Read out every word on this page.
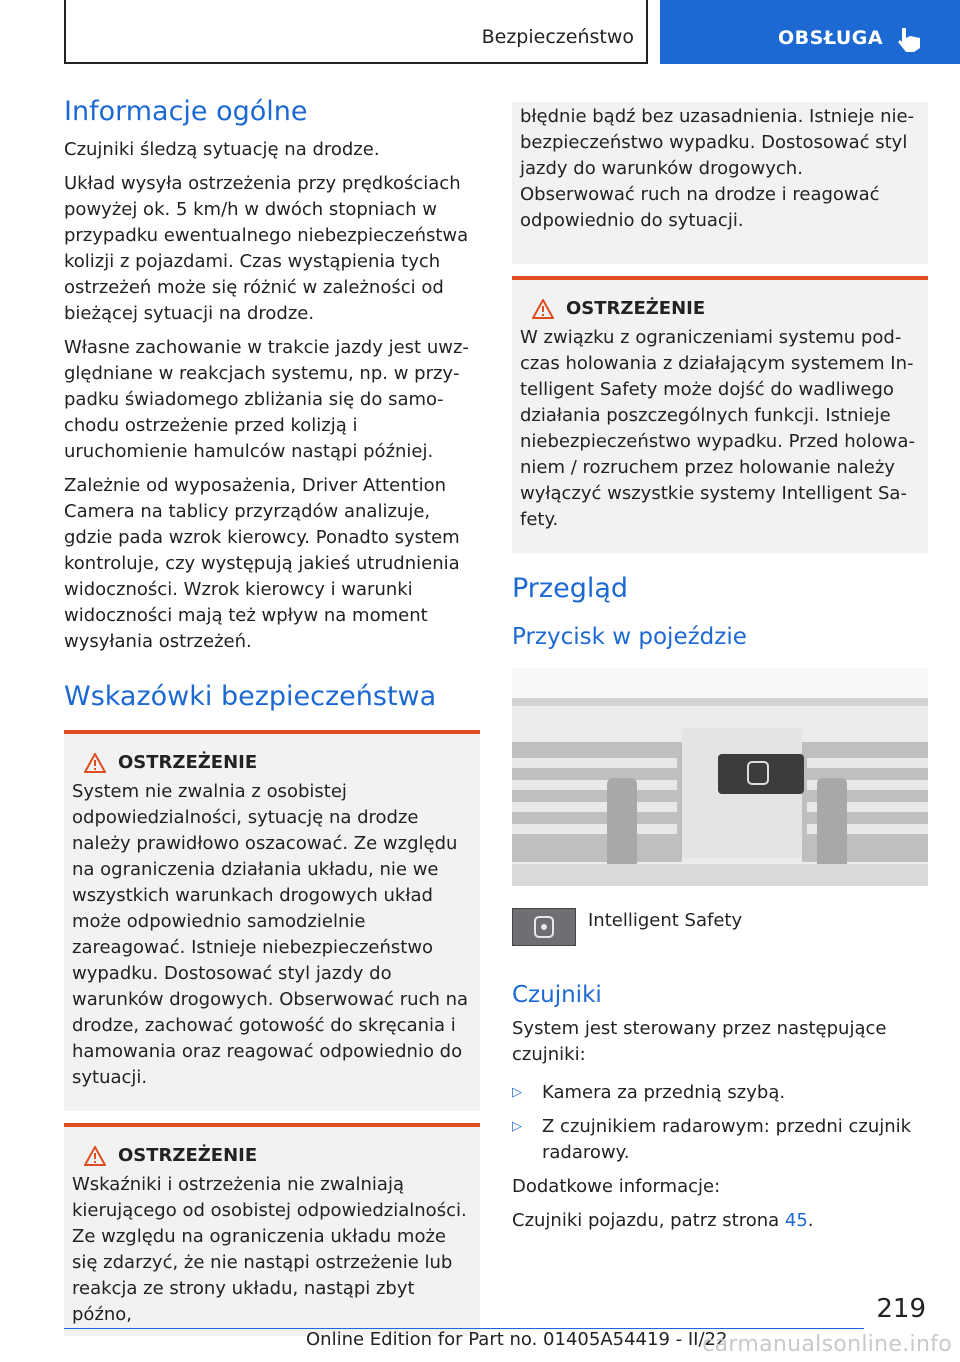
Bezpieczeństwo	OBSŁUGA
Informacje ogólne

Czujniki śledzą sytuację na drodze.

Układ wysyła ostrzeżenia przy prędkościach powyżej ok. 5 km/h w dwóch stopniach w przypadku ewentualnego niebezpieczeństwa kolizji z pojazdami. Czas wystąpienia tych ostrzeżeń może się różnić w zależności od bieżącej sytuacji na drodze.

Własne zachowanie w trakcie jazdy jest uwzględniane w reakcjach systemu, np. w przypadku świadomego zbliżania się do samochodu ostrzeżenie przed kolizją i uruchomienie hamulców nastąpi później.

Zależnie od wyposażenia, Driver Attention Camera na tablicy przyrządów analizuje, gdzie pada wzrok kierowcy. Ponadto system kontroluje, czy występują jakieś utrudnienia widoczności. Wzrok kierowcy i warunki widoczności mają też wpływ na moment wysyłania ostrzeżeń.

Wskazówki bezpieczeństwa
OSTRZEŻENIE

System nie zwalnia z osobistej odpowiedzialności, sytuację na drodze należy prawidłowo oszacować. Ze względu na ograniczenia działania układu, nie we wszystkich warunkach drogowych układ może odpowiednio samodzielnie zareagować. Istnieje niebezpieczeństwo wypadku. Dostosować styl jazdy do warunków drogowych. Obserwować ruch na drodze, zachować gotowość do skręcania i hamowania oraz reagować odpowiednio do sytuacji.

OSTRZEŻENIE

Wskaźniki i ostrzeżenia nie zwalniają kierującego od osobistej odpowiedzialności. Ze względu na ograniczenia układu może się zdarzyć, że nie nastąpi ostrzeżenie lub reakcja ze strony układu, nastąpi zbyt późno,

błędnie bądź bez uzasadnienia. Istnieje niebezpieczeństwo wypadku. Dostosować styl jazdy do warunków drogowych. Obserwować ruch na drodze i reagować odpowiednio do sytuacji.

OSTRZEŻENIE

W związku z ograniczeniami systemu podczas holowania z działającym systemem Intelligent Safety może dojść do wadliwego działania poszczególnych funkcji. Istnieje niebezpieczeństwo wypadku. Przed holowaniem / rozruchem przez holowanie należy wyłączyć wszystkie systemy Intelligent Safety.

Przegląd
Przycisk w pojeździe
Intelligent Safety
Czujniki

System jest sterowany przez następujące czujniki:

▷ Kamera za przednią szybą.
▷ Z czujnikiem radarowym: przedni czujnik radarowy.

Dodatkowe informacje:

Czujniki pojazdu, patrz strona 45.

219
Online Edition for Part no. 01405A54419 - II/22
carmanualsonline.info
